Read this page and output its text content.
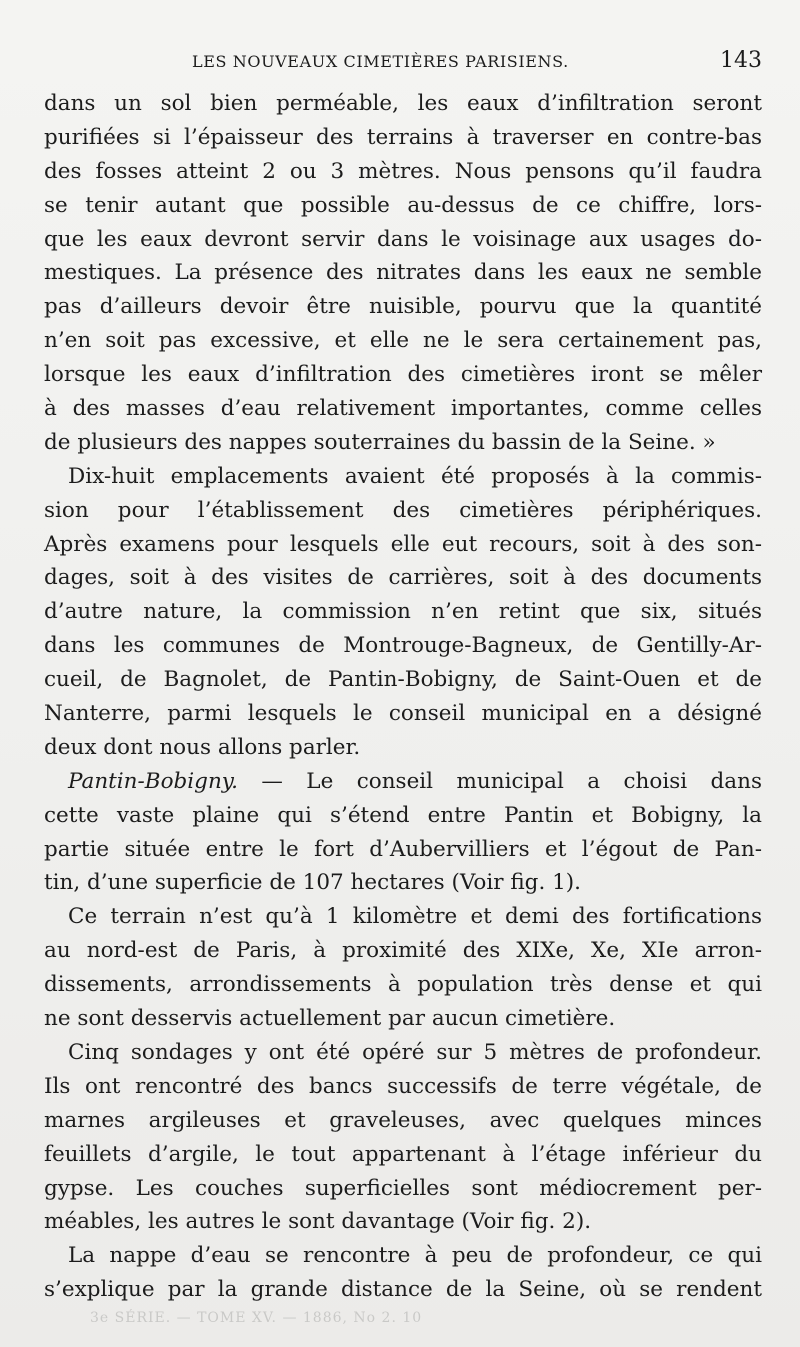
LES NOUVEAUX CIMETIÈRES PARISIENS.	143
dans un sol bien perméable, les eaux d’infiltration seront
purifiées si l’épaisseur des terrains à traverser en contre-bas
des fosses atteint 2 ou 3 mètres. Nous pensons qu’il faudra
se tenir autant que possible au-dessus de ce chiffre, lors-
que les eaux devront servir dans le voisinage aux usages do-
mestiques. La présence des nitrates dans les eaux ne semble
pas d’ailleurs devoir être nuisible, pourvu que la quantité
n’en soit pas excessive, et elle ne le sera certainement pas,
lorsque les eaux d’infiltration des cimetières iront se mêler
à des masses d’eau relativement importantes, comme celles
de plusieurs des nappes souterraines du bassin de la Seine. »
Dix-huit emplacements avaient été proposés à la commis-
sion pour l’établissement des cimetières périphériques.
Après examens pour lesquels elle eut recours, soit à des son-
dages, soit à des visites de carrières, soit à des documents
d’autre nature, la commission n’en retint que six, situés
dans les communes de Montrouge-Bagneux, de Gentilly-Ar-
cueil, de Bagnolet, de Pantin-Bobigny, de Saint-Ouen et de
Nanterre, parmi lesquels le conseil municipal en a désigné
deux dont nous allons parler.
Pantin-Bobigny. — Le conseil municipal a choisi dans
cette vaste plaine qui s’étend entre Pantin et Bobigny, la
partie située entre le fort d’Aubervilliers et l’égout de Pan-
tin, d’une superficie de 107 hectares (Voir fig. 1).
Ce terrain n’est qu’à 1 kilomètre et demi des fortifications
au nord-est de Paris, à proximité des XIXe, Xe, XIe arron-
dissements, arrondissements à population très dense et qui
ne sont desservis actuellement par aucun cimetière.
Cinq sondages y ont été opéré sur 5 mètres de profondeur.
Ils ont rencontré des bancs successifs de terre végétale, de
marnes argileuses et graveleuses, avec quelques minces
feuillets d’argile, le tout appartenant à l’étage inférieur du
gypse. Les couches superficielles sont médiocrement per-
méables, les autres le sont davantage (Voir fig. 2).
La nappe d’eau se rencontre à peu de profondeur, ce qui
s’explique par la grande distance de la Seine, où se rendent
3e SÉRIE. — TOME XV. — 1886, No 2. 10
